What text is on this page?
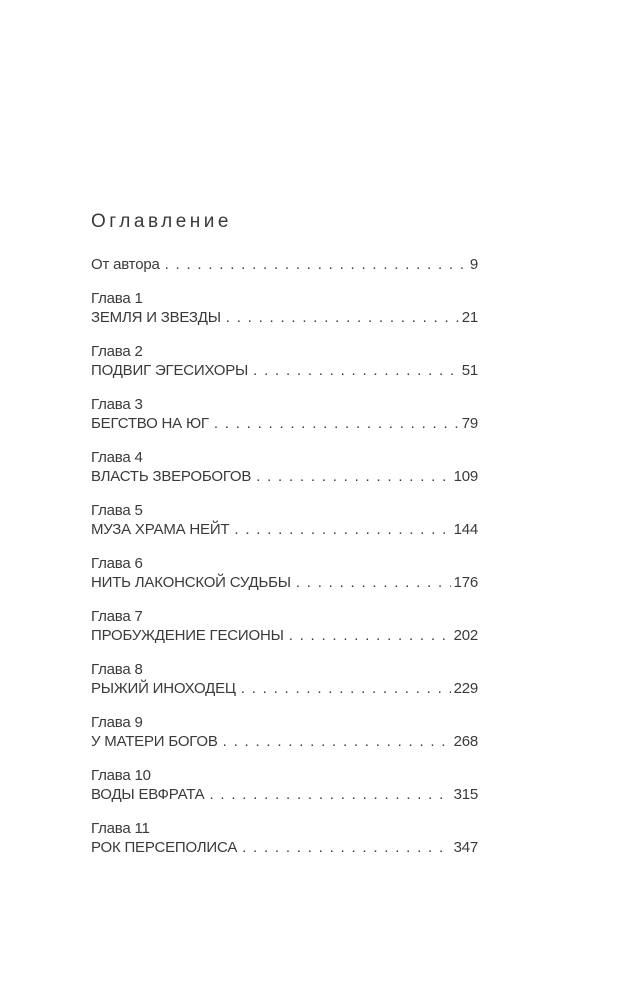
Оглавление
От автора . . .	9
Глава 1
ЗЕМЛЯ И ЗВЕЗДЫ . . .	21
Глава 2
ПОДВИГ ЭГЕСИХОРЫ . . .	51
Глава 3
БЕГСТВО НА ЮГ . . .	79
Глава 4
ВЛАСТЬ ЗВЕРОБОГОВ . . .	109
Глава 5
МУЗА ХРАМА НЕЙТ . . .	144
Глава 6
НИТЬ ЛАКОНСКОЙ СУДЬБЫ . . .	176
Глава 7
ПРОБУЖДЕНИЕ ГЕСИОНЫ . . .	202
Глава 8
РЫЖИЙ ИНОХОДЕЦ . . .	229
Глава 9
У МАТЕРИ БОГОВ . . .	268
Глава 10
ВОДЫ ЕВФРАТА . . .	315
Глава 11
РОК ПЕРСЕПОЛИСА . . .	347
